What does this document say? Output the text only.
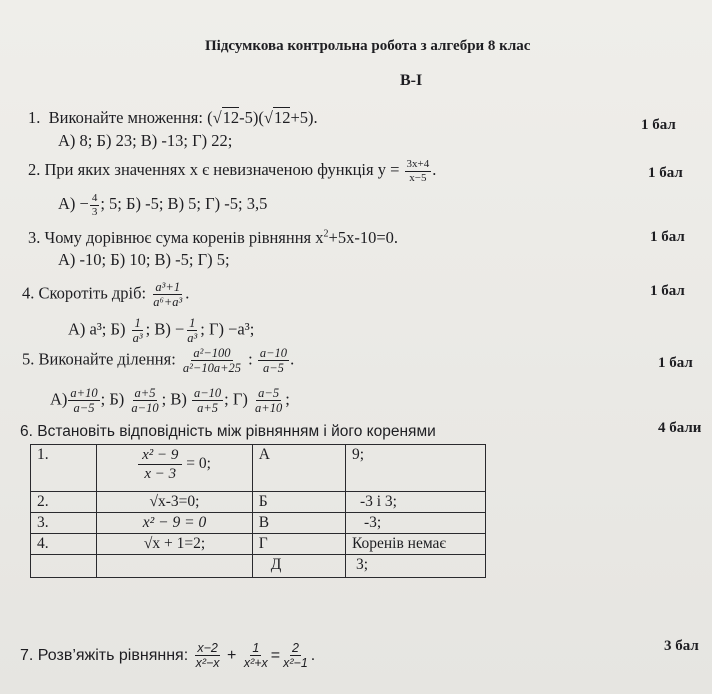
Підсумкова контрольна робота з алгебри 8 клас
В-І
1. Виконайте множення: (√12-5)(√12+5).
А) 8; Б) 23; В) -13; Г) 22;
1 бал
2. При яких значеннях x є невизначеною функція $y = \frac{3x+4}{x-5}$ .
$А) - \frac{4}{3}$ ; 5; Б) -5; В) 5; Г) -5; 3,5
1 бал
3. Чому дорівнює сума коренів рівняння $x^2+5x-10=0$.
А) -10; Б) 10; В) -5; Г) 5;
1 бал
4. Скоротіть дріб: $\frac{\text{a³+1}}{\text{a⁶+a³}}$ .
А) a³; $Б) \frac{1}{\text{a³}}$ ; $В) - \frac{1}{\text{a³}}$ ; Г) −a³;
1 бал
5. Виконайте ділення: $\frac{\text{a²−100}}{\text{a²−10a+25}}$ : $\frac{a-10}{a-5}$ .
$А) \frac{a+10}{a-5}$ ; $Б) \frac{a+5}{a-10}$ ; $В) \frac{a-10}{a+5}$ ; $Г) \frac{a-5}{a+10}$ ;
1 бал
6. Встановіть відповідність між рівнянням і його коренями	4 бали
1.	$\frac{\text{x² − 9}}{x - 3} = 0$;	А	9;
2.	√x-3=0;	Б	-3 і 3;
3.	x² − 9 = 0	В	-3;
4.	√x + 1=2;	Г	Коренів немає
		Д	3;
7. Розв’яжіть рівняння: $\frac{x-2}{\text{x²−x}} + \frac{1}{\text{x²+x}} = \frac{2}{\text{x²−1}}$ .
3 бал
